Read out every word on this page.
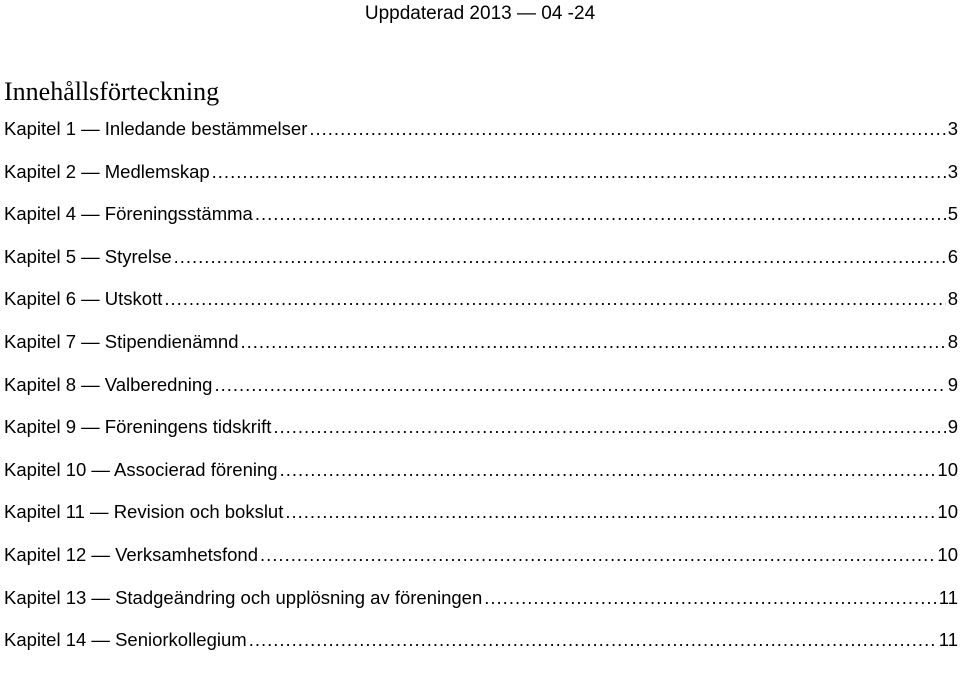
Uppdaterad 2013 — 04 -24
Innehållsförteckning
Kapitel 1 — Inledande bestämmelser .....	3
Kapitel 2 — Medlemskap .....	3
Kapitel 4 — Föreningsstämma .....	5
Kapitel 5 — Styrelse .....	6
Kapitel 6 — Utskott .....	8
Kapitel 7 — Stipendienämnd .....	8
Kapitel 8 — Valberedning .....	9
Kapitel 9 — Föreningens tidskrift .....	9
Kapitel 10 — Associerad förening .....	10
Kapitel 11 — Revision och bokslut .....	10
Kapitel 12 — Verksamhetsfond .....	10
Kapitel 13 — Stadgeändring och upplösning av föreningen .....	11
Kapitel 14 — Seniorkollegium .....	11
